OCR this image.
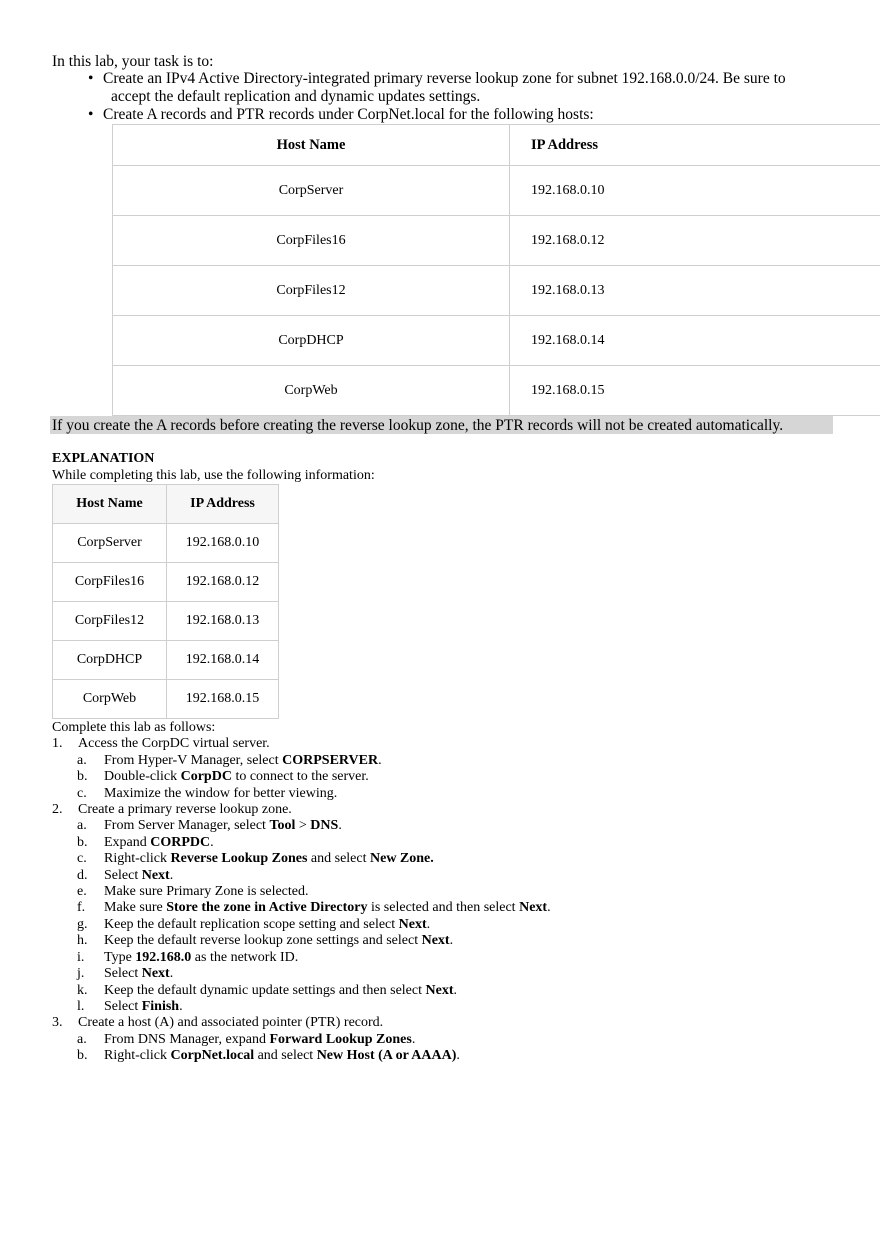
In this lab, your task is to:
• Create an IPv4 Active Directory-integrated primary reverse lookup zone for subnet 192.168.0.0/24. Be sure to
accept the default replication and dynamic updates settings.
• Create A records and PTR records under CorpNet.local for the following hosts:
Host Name	IP Address
CorpServer	192.168.0.10
CorpFiles16	192.168.0.12
CorpFiles12	192.168.0.13
CorpDHCP	192.168.0.14
CorpWeb	192.168.0.15
If you create the A records before creating the reverse lookup zone, the PTR records will not be created automatically.
EXPLANATION
While completing this lab, use the following information:
Host Name	IP Address
CorpServer	192.168.0.10
CorpFiles16	192.168.0.12
CorpFiles12	192.168.0.13
CorpDHCP	192.168.0.14
CorpWeb	192.168.0.15
Complete this lab as follows:
1. Access the CorpDC virtual server.
a. From Hyper-V Manager, select CORPSERVER.
b. Double-click CorpDC to connect to the server.
c. Maximize the window for better viewing.
2. Create a primary reverse lookup zone.
a. From Server Manager, select Tool > DNS.
b. Expand CORPDC.
c. Right-click Reverse Lookup Zones and select New Zone.
d. Select Next.
e. Make sure Primary Zone is selected.
f. Make sure Store the zone in Active Directory is selected and then select Next.
g. Keep the default replication scope setting and select Next.
h. Keep the default reverse lookup zone settings and select Next.
i. Type 192.168.0 as the network ID.
j. Select Next.
k. Keep the default dynamic update settings and then select Next.
l. Select Finish.
3. Create a host (A) and associated pointer (PTR) record.
a. From DNS Manager, expand Forward Lookup Zones.
b. Right-click CorpNet.local and select New Host (A or AAAA).
